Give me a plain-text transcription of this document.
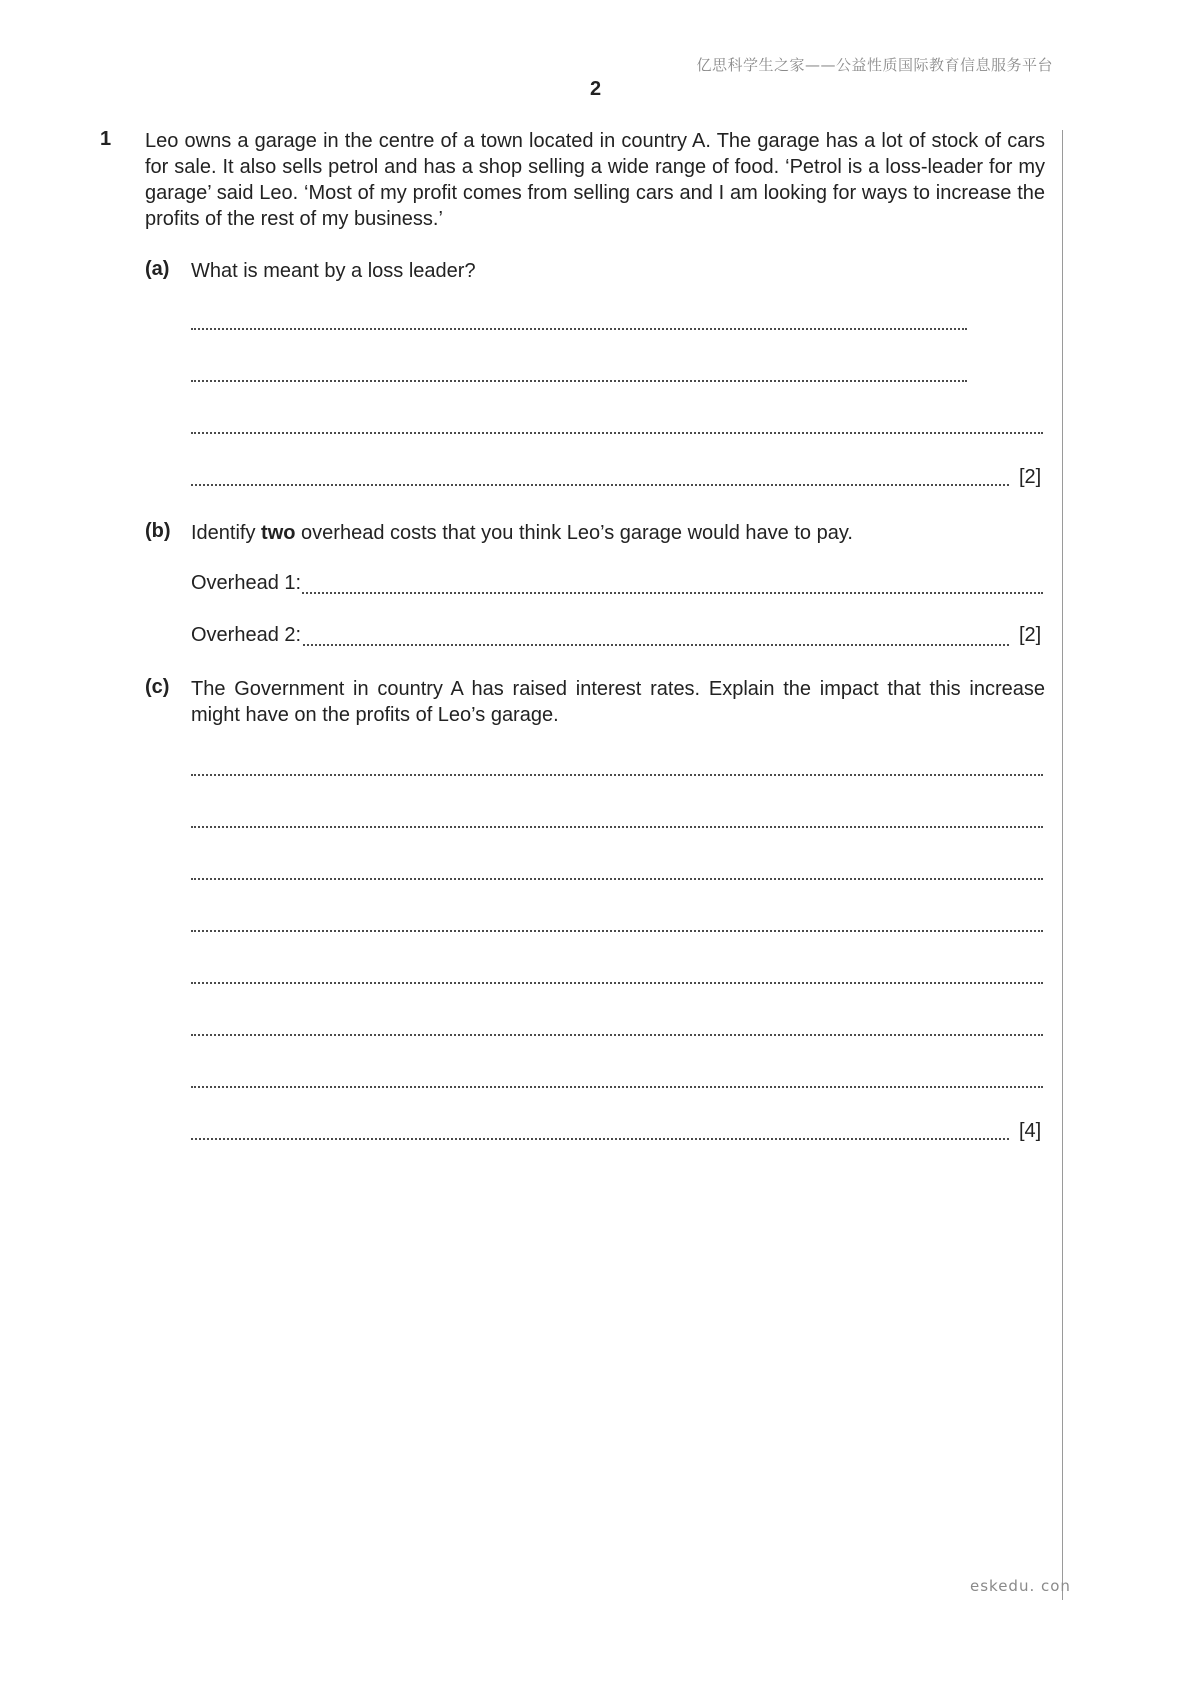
亿思科学生之家——公益性质国际教育信息服务平台
2
1 Leo owns a garage in the centre of a town located in country A. The garage has a lot of stock of cars for sale. It also sells petrol and has a shop selling a wide range of food. ‘Petrol is a loss-leader for my garage’ said Leo. ‘Most of my profit comes from selling cars and I am looking for ways to increase the profits of the rest of my business.’
(a) What is meant by a loss leader?
[2]
(b) Identify two overhead costs that you think Leo’s garage would have to pay.
Overhead 1:
Overhead 2:	[2]
(c) The Government in country A has raised interest rates. Explain the impact that this increase might have on the profits of Leo’s garage.
[4]
eskedu. con
